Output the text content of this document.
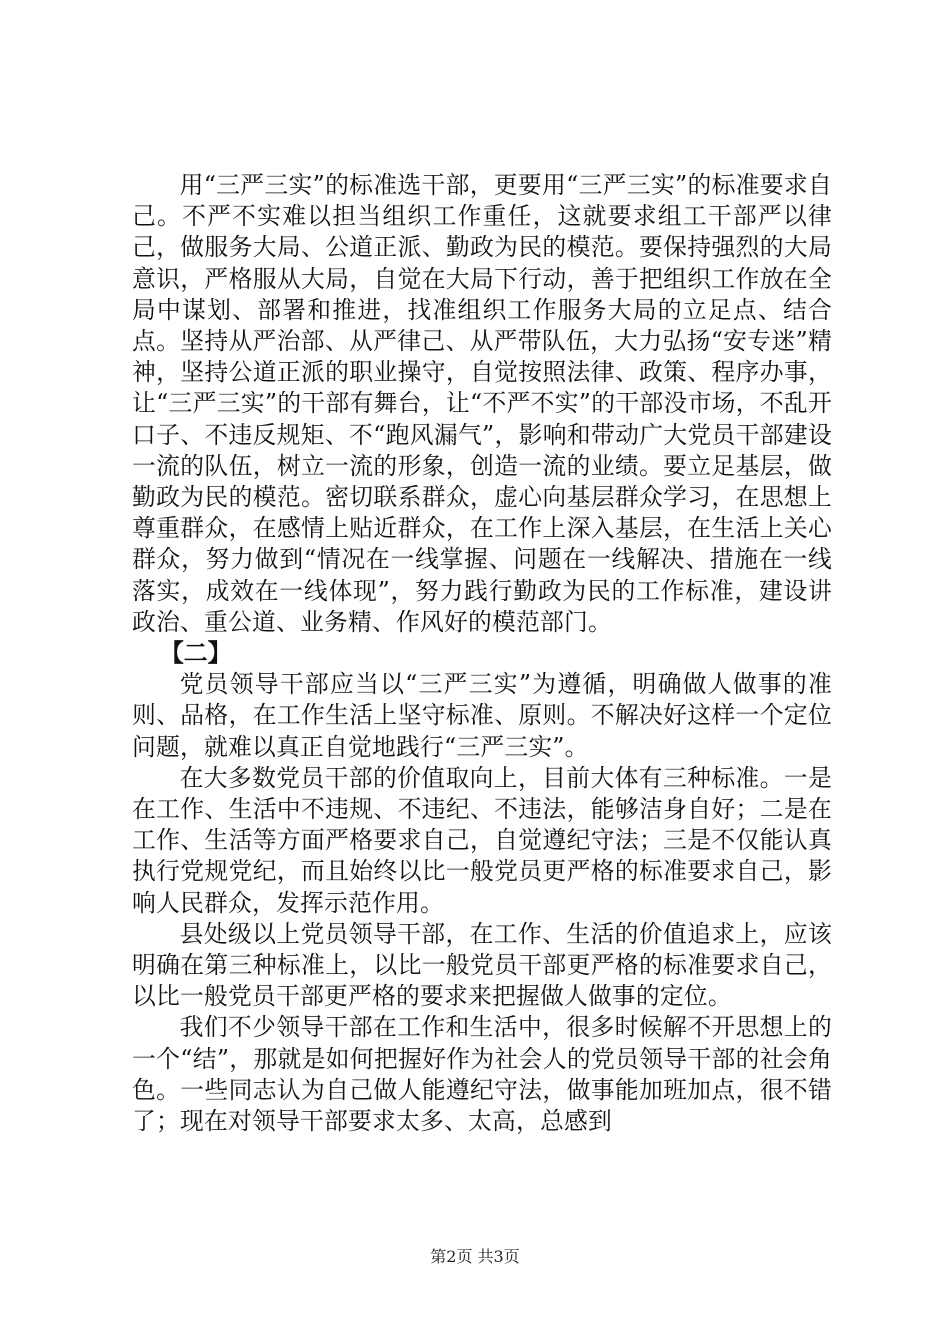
用“三严三实”的标准选干部，更要用“三严三实”的标准要求自己。不严不实难以担当组织工作重任，这就要求组工干部严以律己，做服务大局、公道正派、勤政为民的模范。要保持强烈的大局意识，严格服从大局，自觉在大局下行动，善于把组织工作放在全局中谋划、部署和推进，找准组织工作服务大局的立足点、结合点。坚持从严治部、从严律己、从严带队伍，大力弘扬“安专迷”精神，坚持公道正派的职业操守，自觉按照法律、政策、程序办事，让“三严三实”的干部有舞台，让“不严不实”的干部没市场，不乱开口子、不违反规矩、不“跑风漏气”，影响和带动广大党员干部建设一流的队伍，树立一流的形象，创造一流的业绩。要立足基层，做勤政为民的模范。密切联系群众，虚心向基层群众学习，在思想上尊重群众，在感情上贴近群众，在工作上深入基层，在生活上关心群众，努力做到“情况在一线掌握、问题在一线解决、措施在一线落实，成效在一线体现”，努力践行勤政为民的工作标准，建设讲政治、重公道、业务精、作风好的模范部门。

【二】

党员领导干部应当以“三严三实”为遵循，明确做人做事的准则、品格，在工作生活上坚守标准、原则。不解决好这样一个定位问题，就难以真正自觉地践行“三严三实”。

在大多数党员干部的价值取向上，目前大体有三种标准。一是在工作、生活中不违规、不违纪、不违法，能够洁身自好；二是在工作、生活等方面严格要求自己，自觉遵纪守法；三是不仅能认真执行党规党纪，而且始终以比一般党员更严格的标准要求自己，影响人民群众，发挥示范作用。

县处级以上党员领导干部，在工作、生活的价值追求上，应该明确在第三种标准上，以比一般党员干部更严格的标准要求自己，以比一般党员干部更严格的要求来把握做人做事的定位。

我们不少领导干部在工作和生活中，很多时候解不开思想上的一个“结”，那就是如何把握好作为社会人的党员领导干部的社会角色。一些同志认为自己做人能遵纪守法，做事能加班加点，很不错了；现在对领导干部要求太多、太高，总感到

第2页 共3页
